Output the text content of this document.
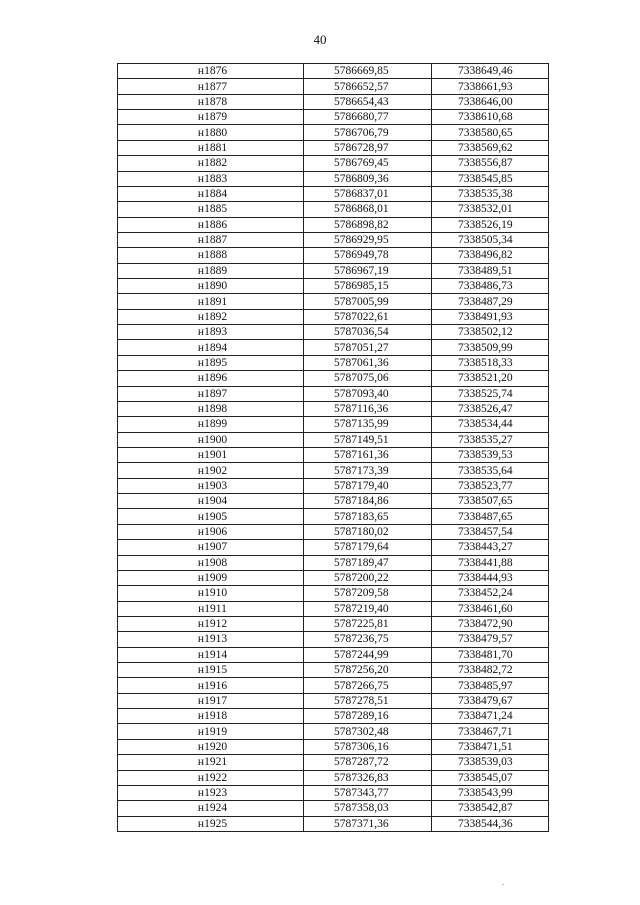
40
н1876	5786669,85	7338649,46
н1877	5786652,57	7338661,93
н1878	5786654,43	7338646,00
н1879	5786680,77	7338610,68
н1880	5786706,79	7338580,65
н1881	5786728,97	7338569,62
н1882	5786769,45	7338556,87
н1883	5786809,36	7338545,85
н1884	5786837,01	7338535,38
н1885	5786868,01	7338532,01
н1886	5786898,82	7338526,19
н1887	5786929,95	7338505,34
н1888	5786949,78	7338496,82
н1889	5786967,19	7338489,51
н1890	5786985,15	7338486,73
н1891	5787005,99	7338487,29
н1892	5787022,61	7338491,93
н1893	5787036,54	7338502,12
н1894	5787051,27	7338509,99
н1895	5787061,36	7338518,33
н1896	5787075,06	7338521,20
н1897	5787093,40	7338525,74
н1898	5787116,36	7338526,47
н1899	5787135,99	7338534,44
н1900	5787149,51	7338535,27
н1901	5787161,36	7338539,53
н1902	5787173,39	7338535,64
н1903	5787179,40	7338523,77
н1904	5787184,86	7338507,65
н1905	5787183,65	7338487,65
н1906	5787180,02	7338457,54
н1907	5787179,64	7338443,27
н1908	5787189,47	7338441,88
н1909	5787200,22	7338444,93
н1910	5787209,58	7338452,24
н1911	5787219,40	7338461,60
н1912	5787225,81	7338472,90
н1913	5787236,75	7338479,57
н1914	5787244,99	7338481,70
н1915	5787256,20	7338482,72
н1916	5787266,75	7338485,97
н1917	5787278,51	7338479,67
н1918	5787289,16	7338471,24
н1919	5787302,48	7338467,71
н1920	5787306,16	7338471,51
н1921	5787287,72	7338539,03
н1922	5787326,83	7338545,07
н1923	5787343,77	7338543,99
н1924	5787358,03	7338542,87
н1925	5787371,36	7338544,36
